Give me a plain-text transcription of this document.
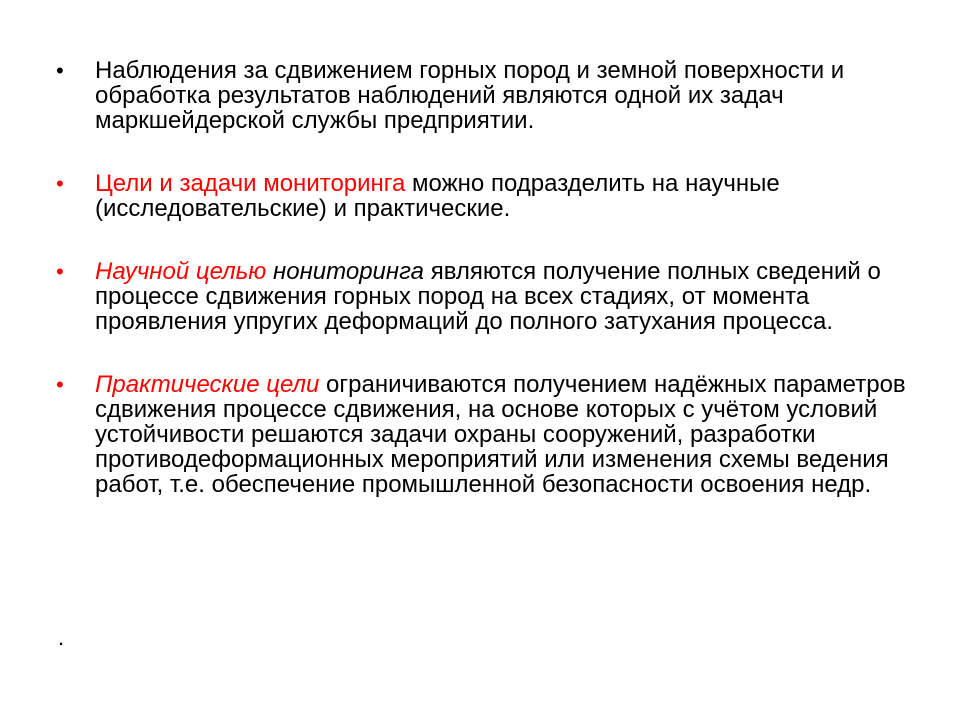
•	Наблюдения за сдвижением горных пород и земной поверхности и обработка результатов наблюдений являются одной их задач маркшейдерской службы предприятии.
•	Цели и задачи мониторинга можно подразделить на научные (исследовательские) и практические.
•	Научной целью нониторинга являются получение полных сведений о процессе сдвижения горных пород на всех стадиях, от момента проявления упругих деформаций до полного затухания процесса.
•	Практические цели ограничиваются получением надёжных параметров сдвижения процессе сдвижения, на основе которых с учётом условий устойчивости решаются задачи охраны сооружений, разработки противодеформационных мероприятий или изменения схемы ведения работ, т.е. обеспечение промышленной безопасности освоения недр.
.
